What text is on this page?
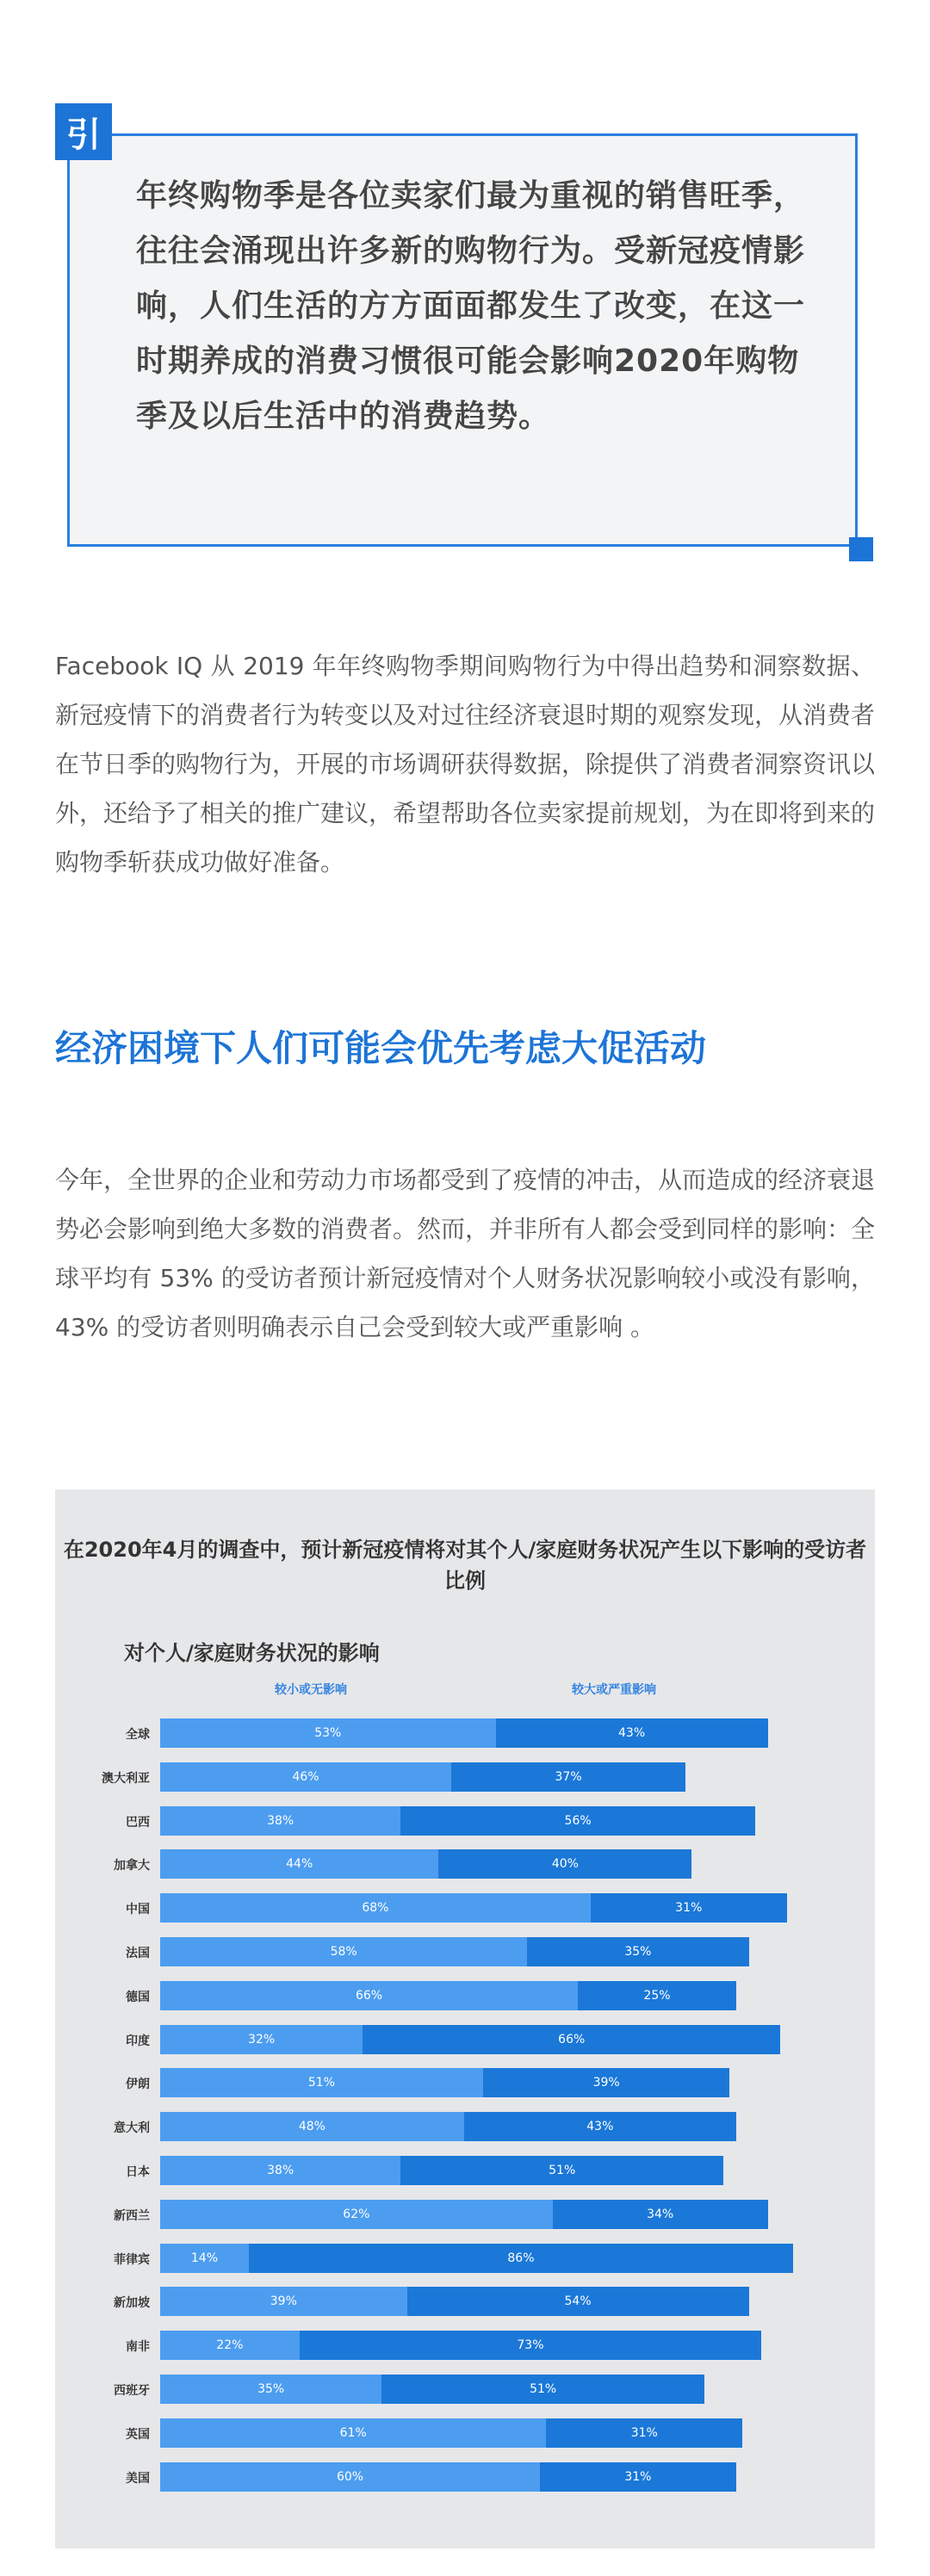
引
年终购物季是各位卖家们最为重视的销售旺季，往往会涌现出许多新的购物行为。受新冠疫情影响，人们生活的方方面面都发生了改变，在这一时期养成的消费习惯很可能会影响2020年购物季及以后生活中的消费趋势。
Facebook IQ 从 2019 年年终购物季期间购物行为中得出趋势和洞察数据、新冠疫情下的消费者行为转变以及对过往经济衰退时期的观察发现，从消费者在节日季的购物行为，开展的市场调研获得数据，除提供了消费者洞察资讯以外，还给予了相关的推广建议，希望帮助各位卖家提前规划，为在即将到来的购物季斩获成功做好准备。
经济困境下人们可能会优先考虑大促活动
今年，全世界的企业和劳动力市场都受到了疫情的冲击，从而造成的经济衰退势必会影响到绝大多数的消费者。然而，并非所有人都会受到同样的影响：全球平均有 53% 的受访者预计新冠疫情对个人财务状况影响较小或没有影响，43% 的受访者则明确表示自己会受到较大或严重影响 。
在2020年4月的调查中，预计新冠疫情将对其个人/家庭财务状况产生以下影响的受访者比例
对个人/家庭财务状况的影响
较小或无影响	较大或严重影响
全球	53%	43%
澳大利亚	46%	37%
巴西	38%	56%
加拿大	44%	40%
中国	68%	31%
法国	58%	35%
德国	66%	25%
印度	32%	66%
伊朗	51%	39%
意大利	48%	43%
日本	38%	51%
新西兰	62%	34%
菲律宾	14%	86%
新加坡	39%	54%
南非	22%	73%
西班牙	35%	51%
英国	61%	31%
美国	60%	31%
